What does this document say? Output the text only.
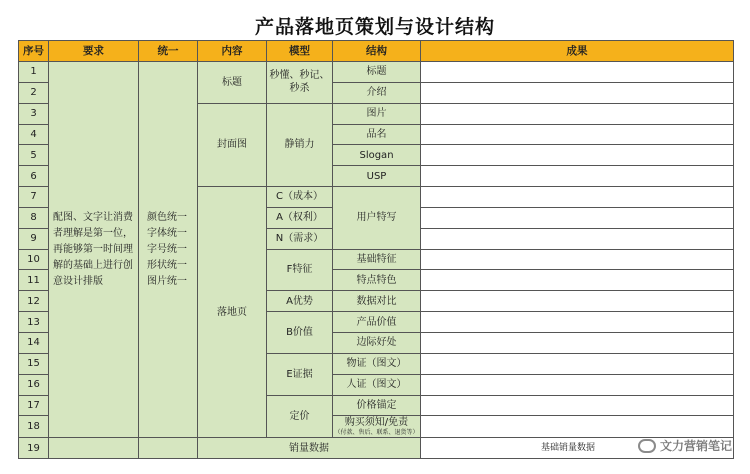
产品落地页策划与设计结构
序号	要求	统一	内容	模型	结构	成果
1	配图、文字让消费者理解是第一位，再能够第一时间理解的基础上进行创意设计排版	颜色统一字体统一字号统一形状统一图片统一	标题	秒懂、秒记、秒杀	标题	
2					介绍	
3			封面图	静销力	图片	
4					品名	
5					Slogan	
6					USP	
7			落地页	C（成本）	用户特写	
8				A（权利）		
9				N（需求）		
10				F特征	基础特征	
11					特点特色	
12				A优势	数据对比	
13				B价值	产品价值	
14					边际好处	
15				E证据	物证（图文）	
16					人证（图文）	
17				定价	价格锚定	
18					购买须知/免责
（付款、售后、联系、退货等）	

19			销量数据			基础销量数据	文力营销笔记
